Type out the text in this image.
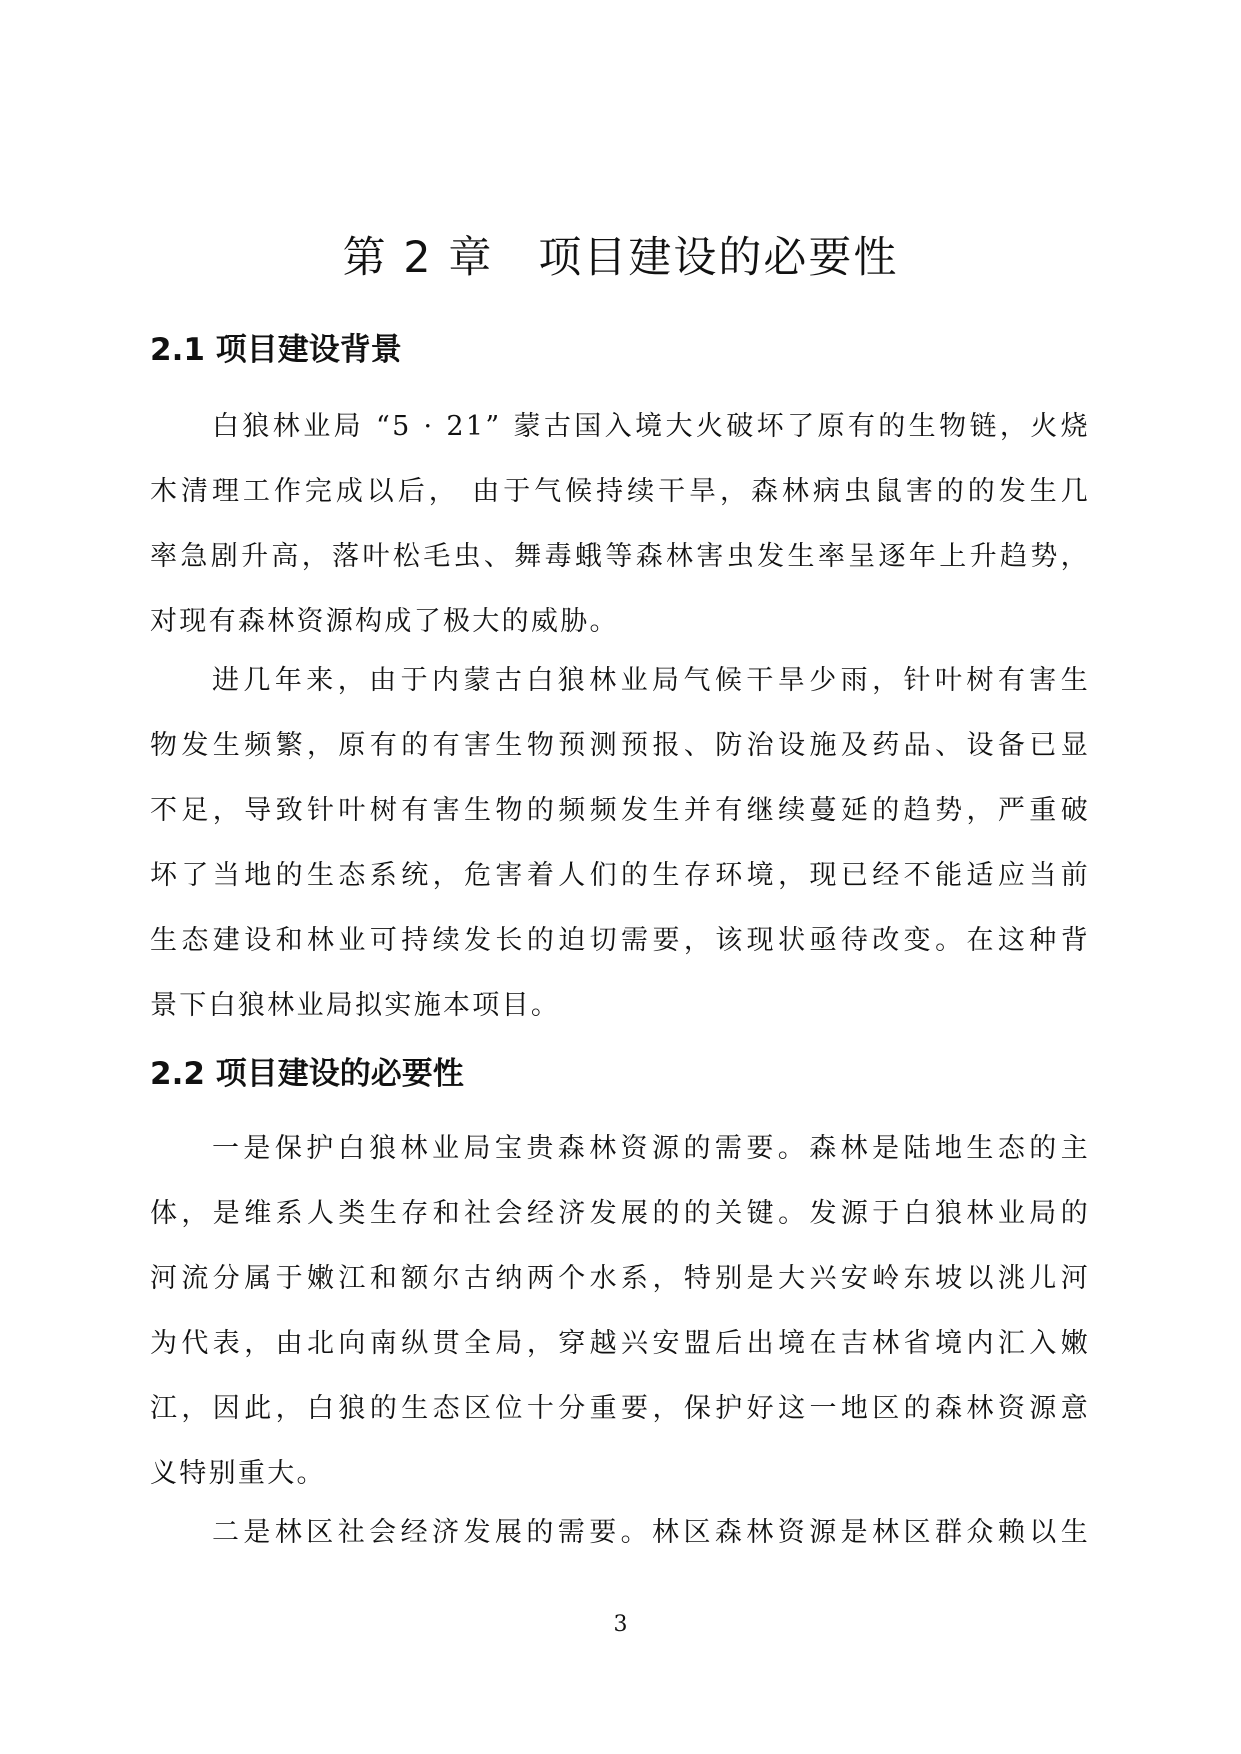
第 2 章　项目建设的必要性
2.1 项目建设背景
白狼林业局 “5 · 21” 蒙古国入境大火破坏了原有的生物链，火烧
木清理工作完成以后， 由于气候持续干旱，森林病虫鼠害的的发生几
率急剧升高，落叶松毛虫、舞毒蛾等森林害虫发生率呈逐年上升趋势，
对现有森林资源构成了极大的威胁。
进几年来，由于内蒙古白狼林业局气候干旱少雨，针叶树有害生
物发生频繁，原有的有害生物预测预报、防治设施及药品、设备已显
不足，导致针叶树有害生物的频频发生并有继续蔓延的趋势，严重破
坏了当地的生态系统，危害着人们的生存环境，现已经不能适应当前
生态建设和林业可持续发长的迫切需要，该现状亟待改变。在这种背
景下白狼林业局拟实施本项目。
2.2 项目建设的必要性
一是保护白狼林业局宝贵森林资源的需要。森林是陆地生态的主
体，是维系人类生存和社会经济发展的的关键。发源于白狼林业局的
河流分属于嫩江和额尔古纳两个水系，特别是大兴安岭东坡以洮儿河
为代表，由北向南纵贯全局，穿越兴安盟后出境在吉林省境内汇入嫩
江，因此，白狼的生态区位十分重要，保护好这一地区的森林资源意
义特别重大。
二是林区社会经济发展的需要。林区森林资源是林区群众赖以生
3
